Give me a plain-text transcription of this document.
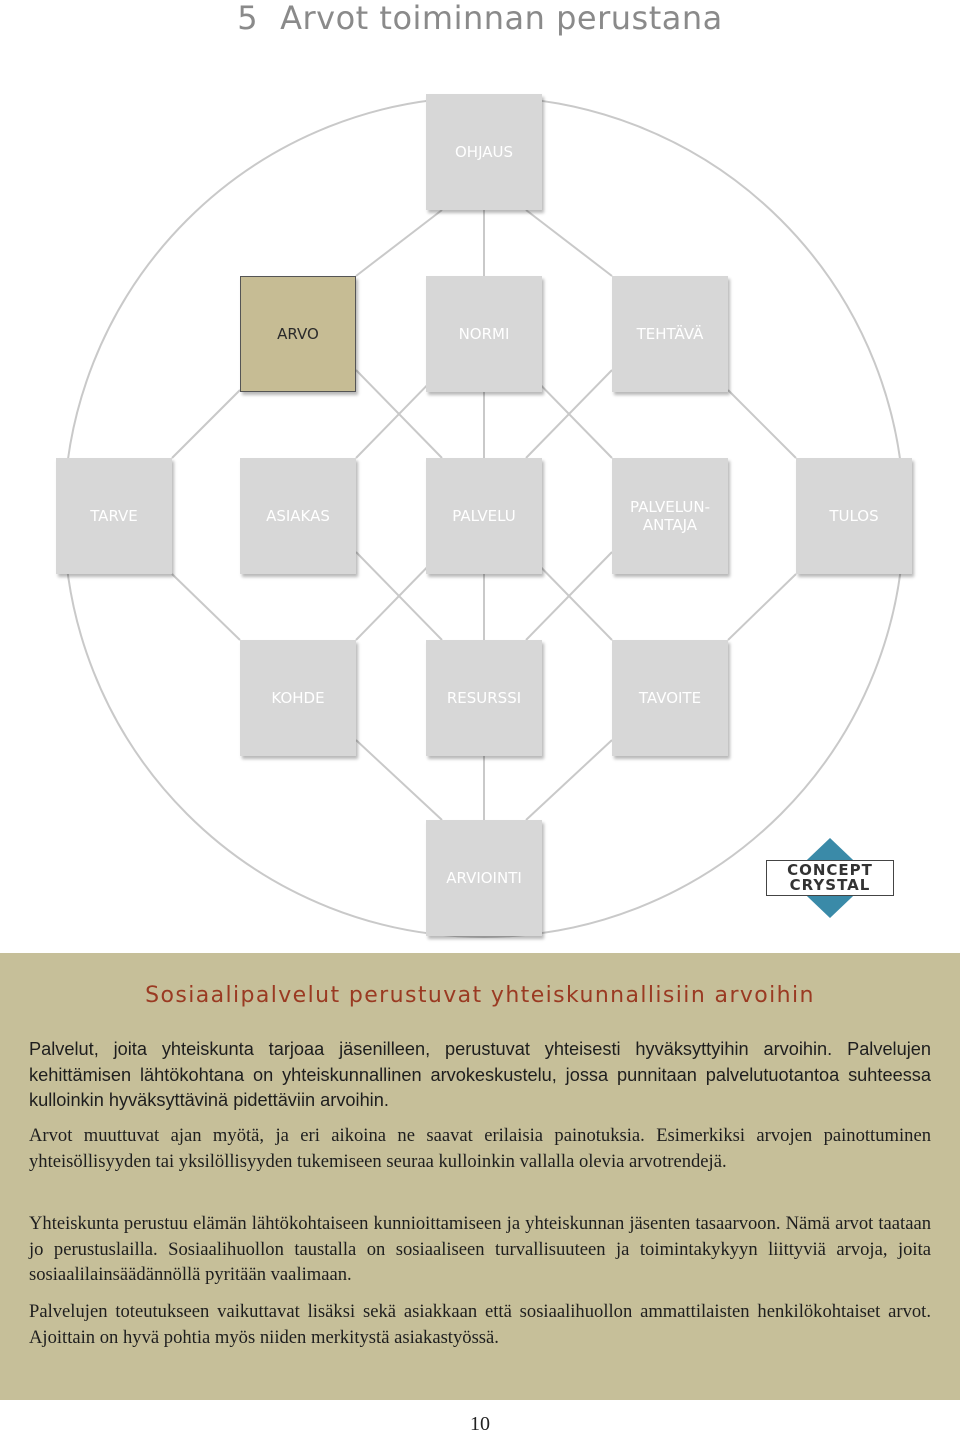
5 Arvot toiminnan perustana
OHJAUS
ARVO	NORMI	TEHTÄVÄ
TARVE	ASIAKAS	PALVELU	PALVELUN-
ANTAJA	TULOS
KOHDE	RESURSSI	TAVOITE
ARVIOINTI	CONCEPT
CRYSTAL
Sosiaalipalvelut perustuvat yhteiskunnallisiin arvoihin

Palvelut, joita yhteiskunta tarjoaa jäsenilleen, perustuvat yhteisesti hyväksyttyihin arvoihin. Palvelujen kehittämisen lähtökohtana on yhteiskunnallinen arvokeskustelu, jossa punnitaan palvelutuotantoa suhteessa kulloinkin hyväksyttävinä pidettäviin arvoihin.

Arvot muuttuvat ajan myötä, ja eri aikoina ne saavat erilaisia painotuksia. Esimerkiksi arvojen painottuminen yhteisöllisyyden tai yksilöllisyyden tukemiseen seuraa kulloinkin vallalla olevia arvotrendejä.

Yhteiskunta perustuu elämän lähtökohtaiseen kunnioittamiseen ja yhteiskunnan jäsenten tasaarvoon. Nämä arvot taataan jo perustuslailla. Sosiaalihuollon taustalla on sosiaaliseen turvallisuuteen ja toimintakykyyn liittyviä arvoja, joita sosiaalilainsäädännöllä pyritään vaalimaan.

Palvelujen toteutukseen vaikuttavat lisäksi sekä asiakkaan että sosiaalihuollon ammattilaisten henkilökohtaiset arvot. Ajoittain on hyvä pohtia myös niiden merkitystä asiakastyössä.

10
